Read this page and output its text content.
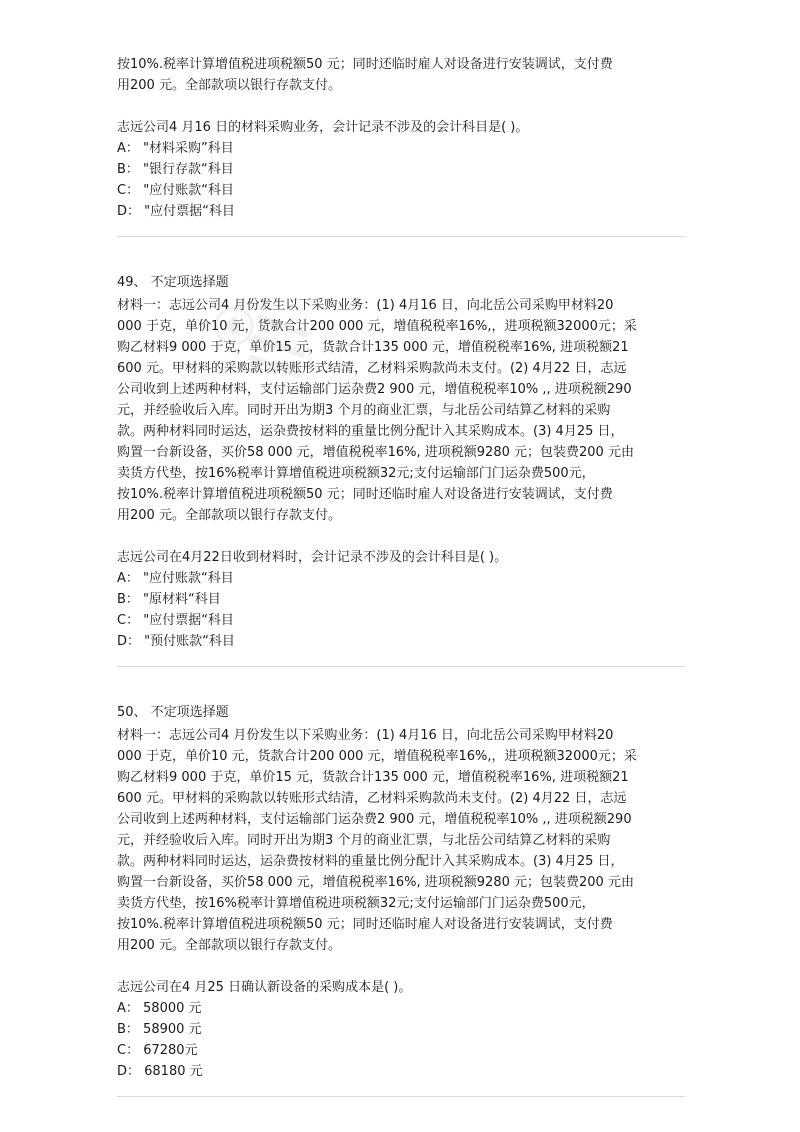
按10%.税率计算增值税进项税额50 元；同时还临时雇人对设备进行安装调试，支付费
用200 元。全部款项以银行存款支付。
志远公司4 月16 日的材料采购业务，会计记录不涉及的会计科目是( )。
A： "材料采购”科目
B： "银行存款“科目
C： "应付账款“科目
D： "应付票据“科目
49、 不定项选择题
材料一：志远公司4 月份发生以下采购业务：(1) 4月16 日，向北岳公司采购甲材料20
000 于克，单价10 元，货款合计200 000 元，增值税税率16%,，进项税额32000元；采
购乙材料9 000 于克，单价15 元，货款合计135 000 元，增值税税率16%, 进项税额21
600 元。甲材料的采购款以转账形式结清，乙材料采购款尚未支付。(2) 4月22 日，志远
公司收到上述两种材料，支付运输部门运杂费2 900 元，增值税税率10% ,, 进项税额290
元，并经验收后入库。同时开出为期3 个月的商业汇票，与北岳公司结算乙材料的采购
款。两种材料同时运达，运杂费按材料的重量比例分配计入其采购成本。(3) 4月25 日，
购置一台新设备，买价58 000 元，增值税税率16%, 进项税额9280 元；包装费200 元由
卖货方代垫，按16%税率计算增值税进项税额32元;支付运输部门门运杂费500元，
按10%.税率计算增值税进项税额50 元；同时还临时雇人对设备进行安装调试，支付费
用200 元。全部款项以银行存款支付。
志远公司在4月22日收到材料时，会计记录不涉及的会计科目是( )。
A： "应付账款“科目
B： "原材料“科目
C： "应付票据“科目
D： "预付账款“科目
50、 不定项选择题
材料一：志远公司4 月份发生以下采购业务：(1) 4月16 日，向北岳公司采购甲材料20
000 于克，单价10 元，货款合计200 000 元，增值税税率16%,，进项税额32000元；采
购乙材料9 000 于克，单价15 元，货款合计135 000 元，增值税税率16%, 进项税额21
600 元。甲材料的采购款以转账形式结清，乙材料采购款尚未支付。(2) 4月22 日，志远
公司收到上述两种材料，支付运输部门运杂费2 900 元，增值税税率10% ,, 进项税额290
元，并经验收后入库。同时开出为期3 个月的商业汇票，与北岳公司结算乙材料的采购
款。两种材料同时运达，运杂费按材料的重量比例分配计入其采购成本。(3) 4月25 日，
购置一台新设备，买价58 000 元，增值税税率16%, 进项税额9280 元；包装费200 元由
卖货方代垫，按16%税率计算增值税进项税额32元;支付运输部门门运杂费500元，
按10%.税率计算增值税进项税额50 元；同时还临时雇人对设备进行安装调试，支付费
用200 元。全部款项以银行存款支付。
志远公司在4 月25 日确认新设备的采购成本是( )。
A： 58000 元
B： 58900 元
C： 67280元
D： 68180 元
